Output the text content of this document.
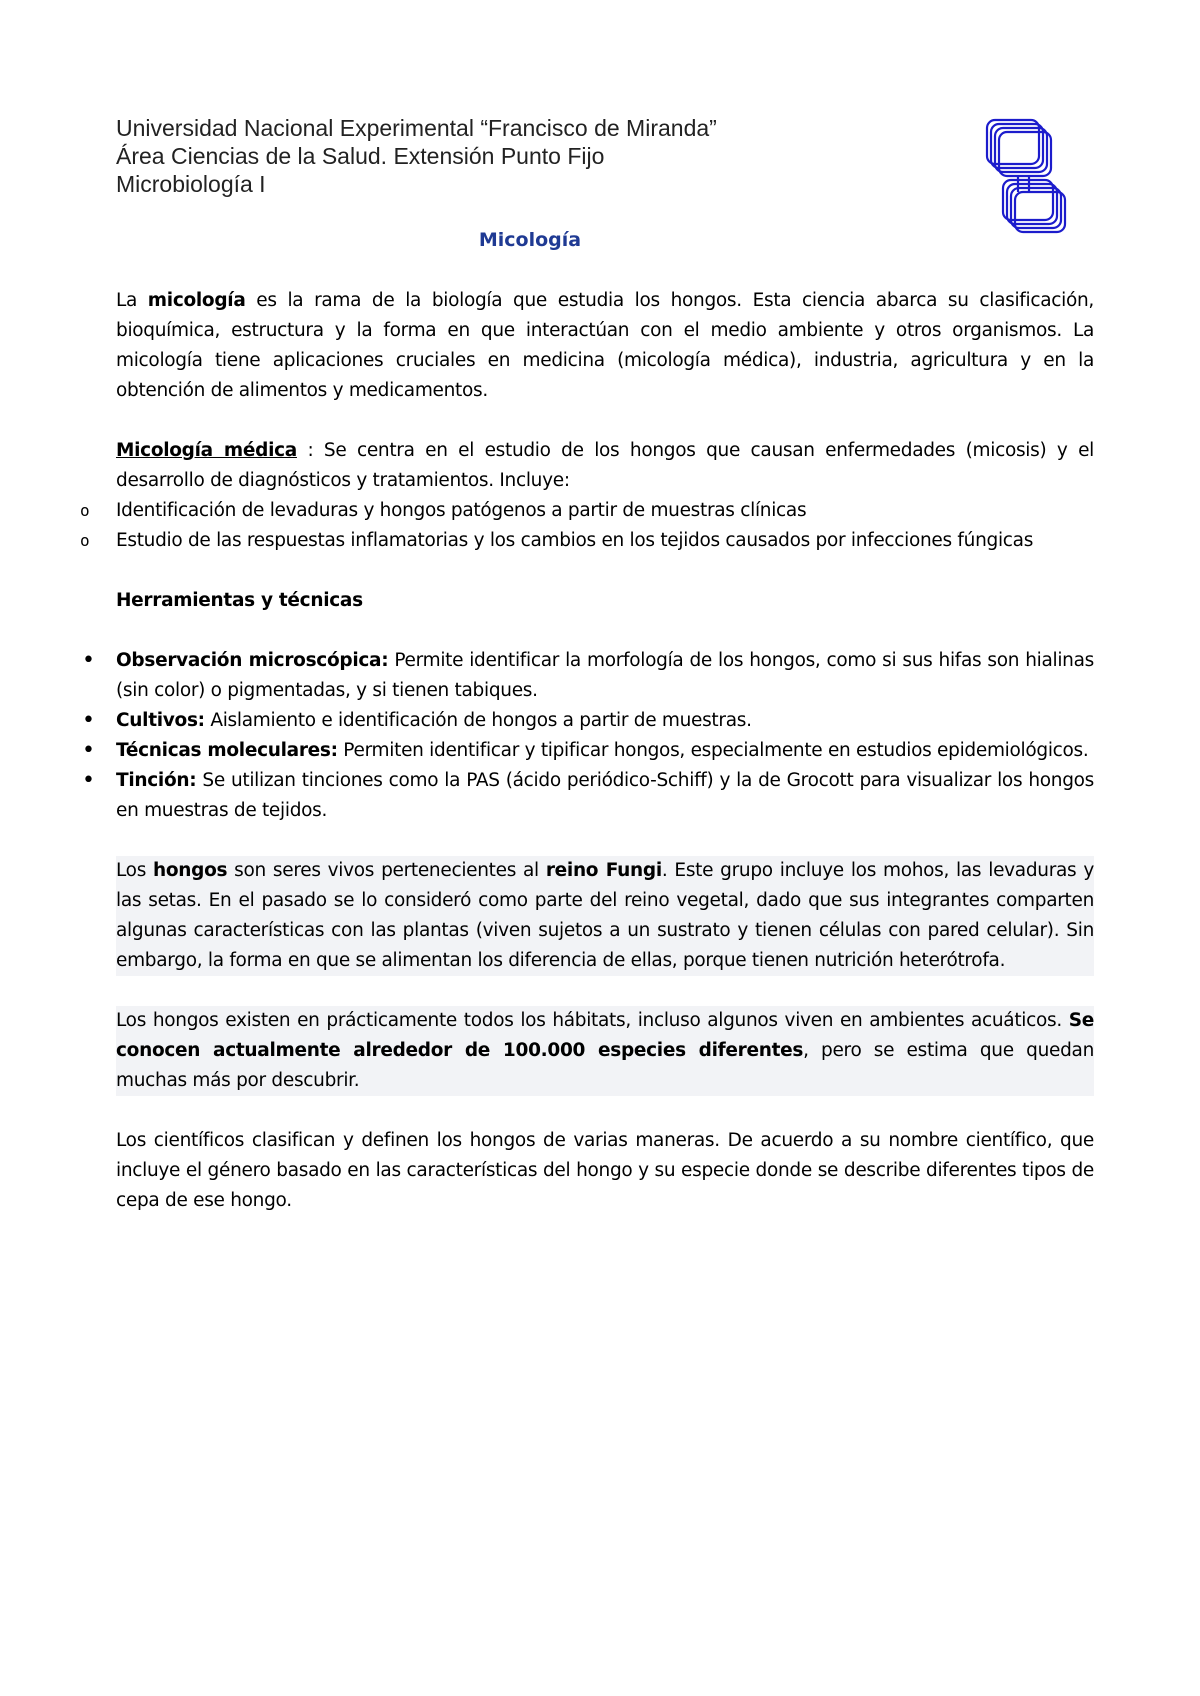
Universidad Nacional Experimental “Francisco de Miranda”
Área Ciencias de la Salud. Extensión Punto Fijo
Microbiología I
Micología

La micología es la rama de la biología que estudia los hongos. Esta ciencia abarca su clasificación, bioquímica, estructura y la forma en que interactúan con el medio ambiente y otros organismos. La micología tiene aplicaciones cruciales en medicina (micología médica), industria, agricultura y en la obtención de alimentos y medicamentos.

Micología médica : Se centra en el estudio de los hongos que causan enfermedades (micosis) y el desarrollo de diagnósticos y tratamientos. Incluye:

o Identificación de levaduras y hongos patógenos a partir de muestras clínicas
o Estudio de las respuestas inflamatorias y los cambios en los tejidos causados por infecciones fúngicas

Herramientas y técnicas

• Observación microscópica: Permite identificar la morfología de los hongos, como si sus hifas son hialinas (sin color) o pigmentadas, y si tienen tabiques.
• Cultivos: Aislamiento e identificación de hongos a partir de muestras.
• Técnicas moleculares: Permiten identificar y tipificar hongos, especialmente en estudios epidemiológicos.
• Tinción: Se utilizan tinciones como la PAS (ácido periódico-Schiff) y la de Grocott para visualizar los hongos en muestras de tejidos.

Los hongos son seres vivos pertenecientes al reino Fungi. Este grupo incluye los mohos, las levaduras y las setas. En el pasado se lo consideró como parte del reino vegetal, dado que sus integrantes comparten algunas características con las plantas (viven sujetos a un sustrato y tienen células con pared celular). Sin embargo, la forma en que se alimentan los diferencia de ellas, porque tienen nutrición heterótrofa.

Los hongos existen en prácticamente todos los hábitats, incluso algunos viven en ambientes acuáticos. Se conocen actualmente alrededor de 100.000 especies diferentes, pero se estima que quedan muchas más por descubrir.

Los científicos clasifican y definen los hongos de varias maneras. De acuerdo a su nombre científico, que incluye el género basado en las características del hongo y su especie donde se describe diferentes tipos de cepa de ese hongo.
